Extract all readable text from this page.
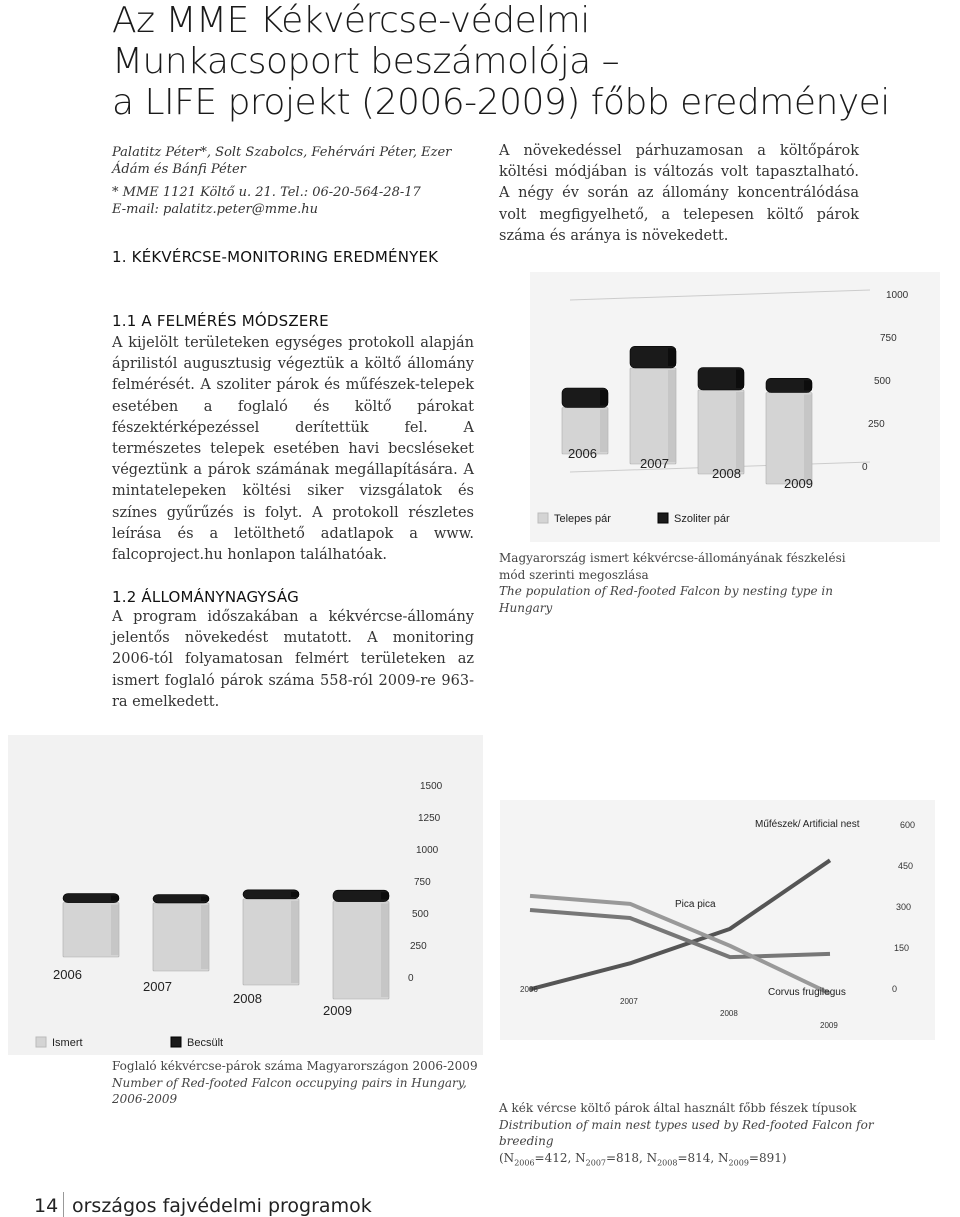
Az MME Kékvércse-védelmi
Munkacsoport beszámolója –
a LIFE projekt (2006-2009) főbb eredményei
Palatitz Péter*, Solt Szabolcs, Fehérvári Péter, Ezer Ádám és Bánfi Péter
* MME 1121 Költő u. 21. Tel.: 06-20-564-28-17
E-mail: palatitz.peter@mme.hu
1. KÉKVÉRCSE-MONITORING EREDMÉNYEK
A növekedéssel párhuzamosan a költőpárok költési módjában is változás volt tapasztalható. A négy év során az állomány koncentrálódása volt megfigyelhető, a telepesen költő párok száma és aránya is növekedett.
1.1 A FELMÉRÉS MÓDSZERE
A kijelölt területeken egységes protokoll alapján áprilistól augusztusig végeztük a költő állomány felmérését. A szoliter párok és műfészek-telepek esetében a foglaló és költő párokat fészektérképezéssel derítettük fel. A természetes telepek esetében havi becsléseket végeztünk a párok számának megállapítására. A mintatelepeken költési siker vizsgálatok és színes gyűrűzés is folyt. A protokoll részletes leírása és a letölthető adatlapok a www. falcoproject.hu honlapon találhatóak.
1.2 ÁLLOMÁNYNAGYSÁG
A program időszakában a kékvércse-állomány jelentős növekedést mutatott. A monitoring 2006-tól folyamatosan felmért területeken az ismert foglaló párok száma 558-ról 2009-re 963-ra emelkedett.
1000
750
500
250
0
2006
2007
2008
2009
Telepes pár	Szoliter pár
Magyarország ismert kékvércse-állományának fészkelési mód szerinti megoszlása
The population of Red-footed Falcon by nesting type in Hungary
1500
1250
1000
750
500
250
0
2006
2007
2008
2009
Ismert	Becsült
Foglaló kékvércse-párok száma Magyarországon 2006-2009
Number of Red-footed Falcon occupying pairs in Hungary, 2006-2009
600
450
300
150
0
2006
2007
2008
2009
Műfészek/ Artificial nest
Pica pica
Corvus frugilegus
A kék vércse költő párok által használt főbb fészek típusok
Distribution of main nest types used by Red-footed Falcon for breeding
($N_{2006}=412$, $N_{2007}=818$, $N_{2008}=814$, $N_{2009}=891$)
14 országos fajvédelmi programok
